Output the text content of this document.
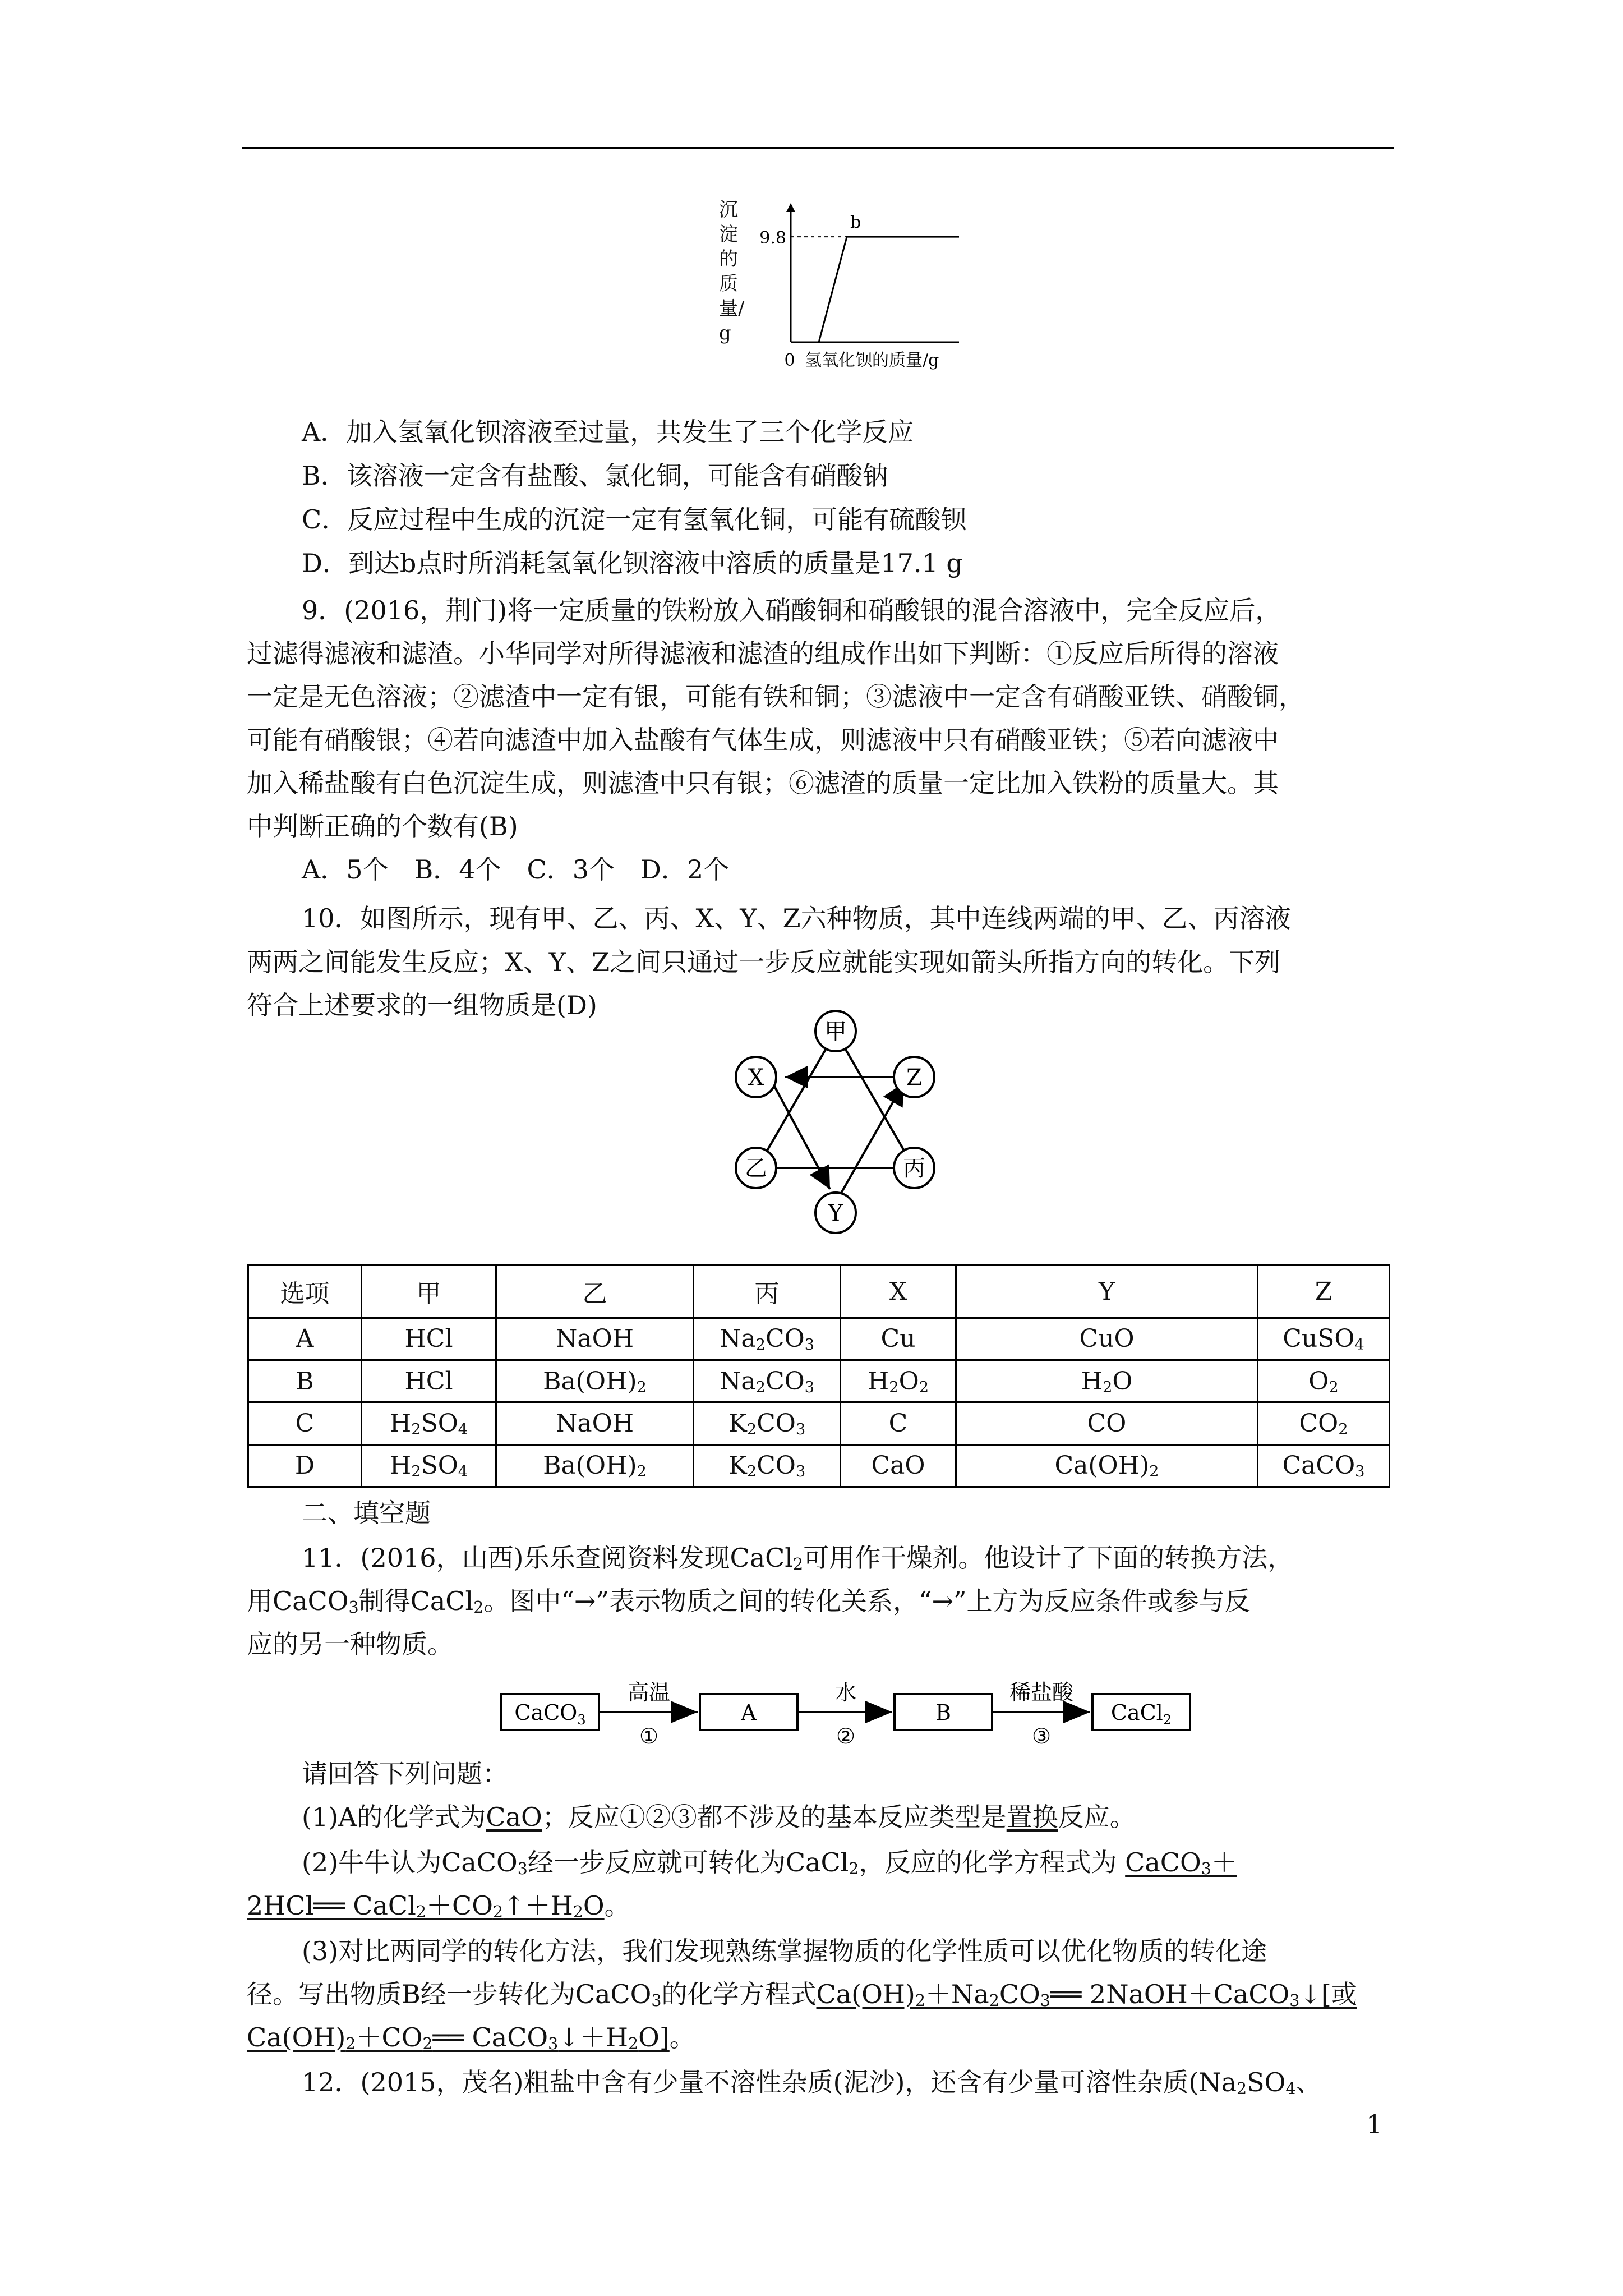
9.8
b
0 氢氧化钡的质量/g
沉淀的质量/g
A．加入氢氧化钡溶液至过量，共发生了三个化学反应
B．该溶液一定含有盐酸、氯化铜，可能含有硝酸钠
C．反应过程中生成的沉淀一定有氢氧化铜，可能有硫酸钡
D．到达b点时所消耗氢氧化钡溶液中溶质的质量是17.1 g
9．(2016，荆门)将一定质量的铁粉放入硝酸铜和硝酸银的混合溶液中，完全反应后，
过滤得滤液和滤渣。小华同学对所得滤液和滤渣的组成作出如下判断：①反应后所得的溶液
一定是无色溶液；②滤渣中一定有银，可能有铁和铜；③滤液中一定含有硝酸亚铁、硝酸铜，
可能有硝酸银；④若向滤渣中加入盐酸有气体生成，则滤液中只有硝酸亚铁；⑤若向滤液中
加入稀盐酸有白色沉淀生成，则滤渣中只有银；⑥滤渣的质量一定比加入铁粉的质量大。其
中判断正确的个数有(B)
A．5个　B．4个　C．3个　D．2个
10．如图所示，现有甲、乙、丙、X、Y、Z六种物质，其中连线两端的甲、乙、丙溶液
两两之间能发生反应；X、Y、Z之间只通过一步反应就能实现如箭头所指方向的转化。下列
符合上述要求的一组物质是(D)
甲
X	Z
乙	丙
Y
选项	甲	乙	丙	X	Y	Z
A	HCl	NaOH	$Na_2CO_3$	Cu	CuO	CuSO$_4$
B	HCl	$Ba(OH)_2$	$Na_2CO_3$	$H_2O_2$	$H_2O$	$O_2$
C	$H_2SO_4$	NaOH	$K_2CO_3$	C	CO	$CO_2$
D	$H_2SO_4$	$Ba(OH)_2$	$K_2CO_3$	CaO	$Ca(OH)_2$	CaCO$_3$
二、填空题
11．(2016，山西)乐乐查阅资料发现CaCl$_2$可用作干燥剂。他设计了下面的转换方法，
用CaCO$_3$制得CaCl$_2$。图中“→”表示物质之间的转化关系，“→”上方为反应条件或参与反
应的另一种物质。
CaCO$_3$	A	B	CaCl$_2$
高温	水	稀盐酸
①	②	③
请回答下列问题：
(1)A的化学式为CaO；反应①②③都不涉及的基本反应类型是置换反应。
(2)牛牛认为CaCO$_3$经一步反应就可转化为CaCl$_2$，反应的化学方程式为 CaCO$_3$＋
2HCl══ $CaCl_2+CO_2↑+H_2O$。
(3)对比两同学的转化方法，我们发现熟练掌握物质的化学性质可以优化物质的转化途
径。写出物质B经一步转化为CaCO$_3$的化学方程式$Ca(OH)_2+Na_2CO_3══$ 2NaOH＋CaCO$_3$↓[或
$Ca(OH)_2+CO_2══$ $CaCO_3↓+H_2O$]。
12．(2015，茂名)粗盐中含有少量不溶性杂质(泥沙)，还含有少量可溶性杂质($Na_2SO_4$、
1
